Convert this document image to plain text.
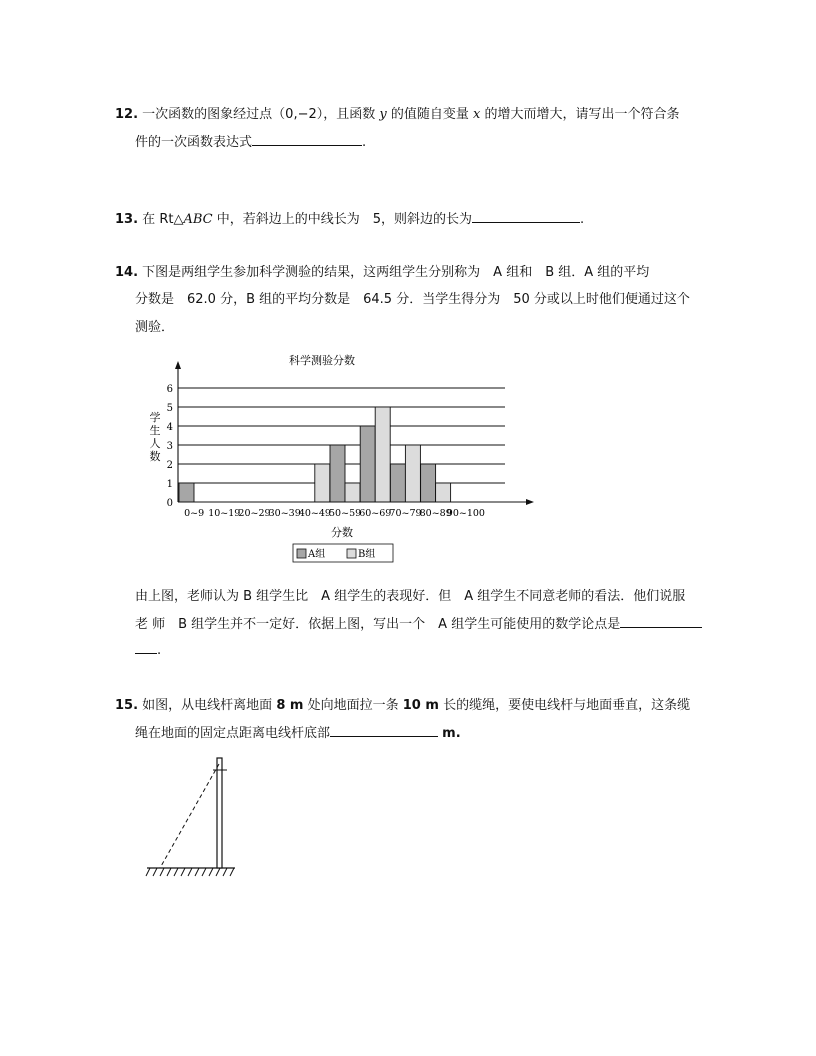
12. 一次函数的图象经过点（0,−2），且函数 y 的值随自变量 x 的增大而增大，请写出一个符合条
件的一次函数表达式	.
13. 在 Rt△ABC 中，若斜边上的中线长为　5，则斜边的长为	.
14. 下图是两组学生参加科学测验的结果，这两组学生分别称为　A 组和　B 组．A 组的平均
分数是　62.0 分，B 组的平均分数是　64.5 分．当学生得分为　50 分或以上时他们便通过这个
测验．
科学测验分数
学
生
人
数
0
1
2
3
4
5
6
0~9 10~19
20~29
30~39
40~49
50~59
60~69
70~79
80~89
90~100
分数
A组	B组
由上图，老师认为 B 组学生比　A 组学生的表现好．但　A 组学生不同意老师的看法．他们说服
老 师　B 组学生并不一定好．依据上图，写出一个　A 组学生可能使用的数学论点是
.
15. 如图，从电线杆离地面 8 m 处向地面拉一条 10 m 长的缆绳，要使电线杆与地面垂直，这条缆
绳在地面的固定点距离电线杆底部	m.
